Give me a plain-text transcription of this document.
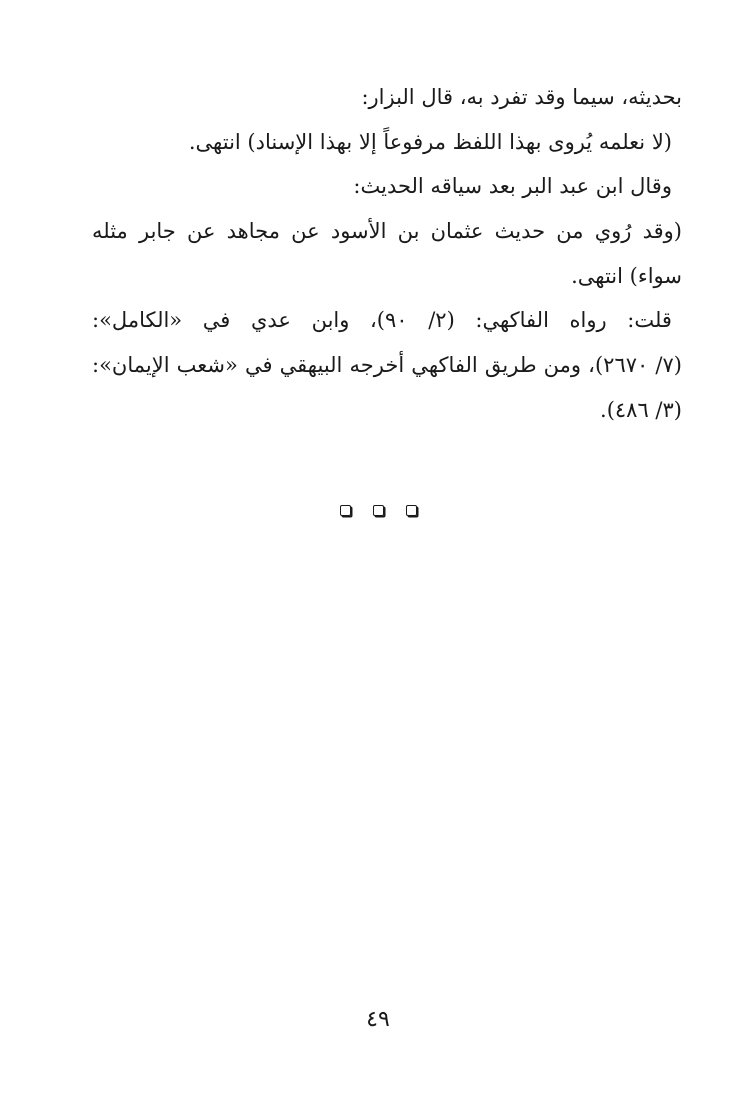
بحديثه، سيما وقد تفرد به، قال البزار:
(لا نعلمه يُروى بهذا اللفظ مرفوعاً إلا بهذا الإسناد) انتهى.
وقال ابن عبد البر بعد سياقه الحديث:
(وقد رُوي من حديث عثمان بن الأسود عن مجاهد عن جابر مثله
سواء) انتهى.
قلت: رواه الفاكهي: (٢/ ٩٠)، وابن عدي في «الكامل»:
(٧/ ٢٦٧٠)، ومن طريق الفاكهي أخرجه البيهقي في «شعب الإيمان»:
(٣/ ٤٨٦).
٤٩
